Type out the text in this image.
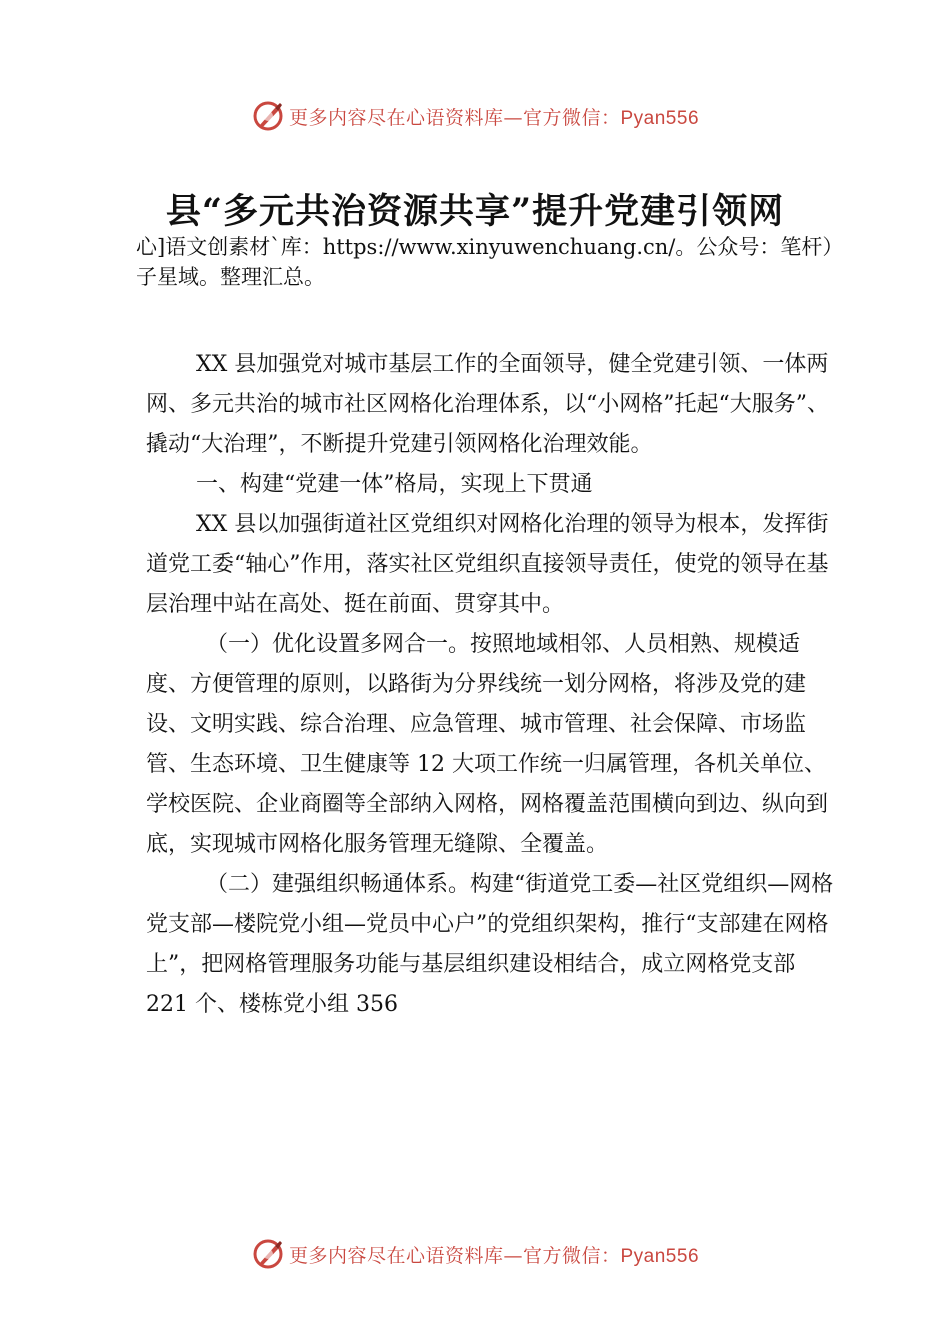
更多内容尽在心语资料库—官方微信：Pyan556
县“多元共治资源共享”提升党建引领网
心]语文创素材`库：https://www.xinyuwenchuang.cn/。公众号：笔杆）子星域。整理汇总。

XX 县加强党对城市基层工作的全面领导，健全党建引领、一体两网、多元共治的城市社区网格化治理体系，以“小网格”托起“大服务”、撬动“大治理”，不断提升党建引领网格化治理效能。

一、构建“党建一体”格局，实现上下贯通

XX 县以加强街道社区党组织对网格化治理的领导为根本，发挥街道党工委“轴心”作用，落实社区党组织直接领导责任，使党的领导在基层治理中站在高处、挺在前面、贯穿其中。

（一）优化设置多网合一。按照地域相邻、人员相熟、规模适度、方便管理的原则，以路街为分界线统一划分网格，将涉及党的建设、文明实践、综合治理、应急管理、城市管理、社会保障、市场监管、生态环境、卫生健康等 12 大项工作统一归属管理，各机关单位、学校医院、企业商圈等全部纳入网格，网格覆盖范围横向到边、纵向到底，实现城市网格化服务管理无缝隙、全覆盖。

（二）建强组织畅通体系。构建“街道党工委—社区党组织—网格党支部—楼院党小组—党员中心户”的党组织架构，推行“支部建在网格上”，把网格管理服务功能与基层组织建设相结合，成立网格党支部 221 个、楼栋党小组 356

更多内容尽在心语资料库—官方微信：Pyan556
